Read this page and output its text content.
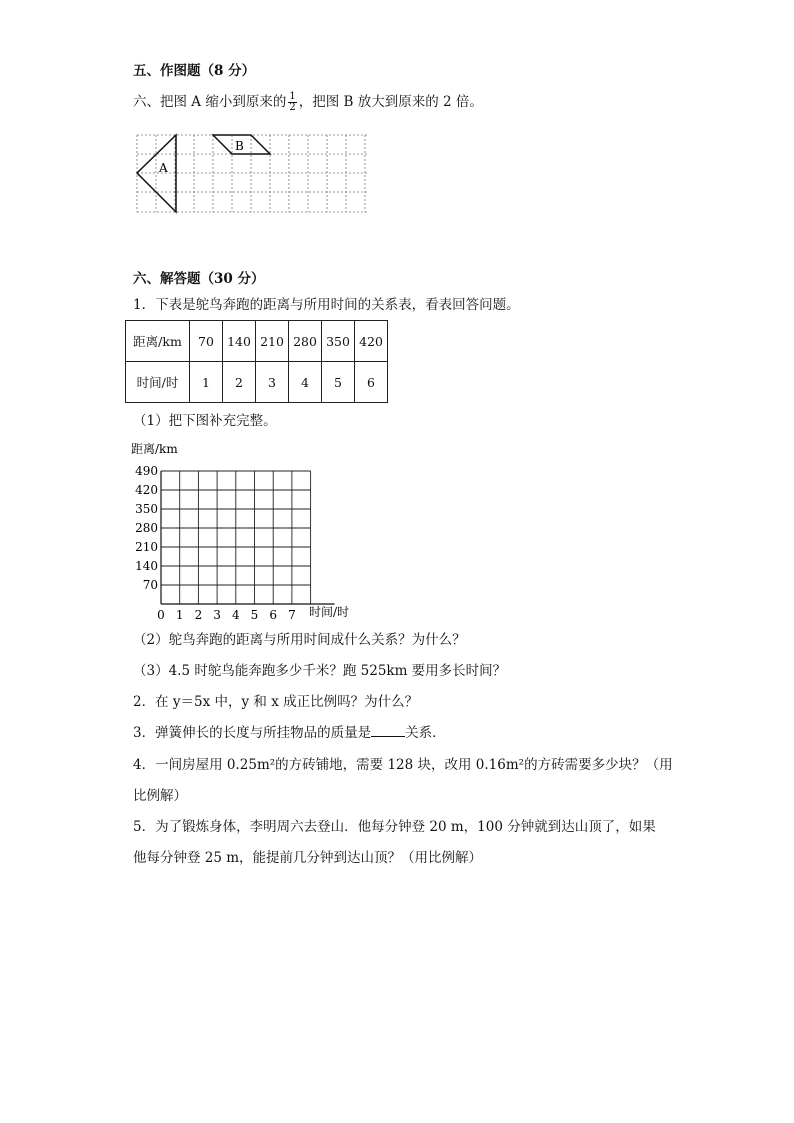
五、作图题（8 分）
六、把图 A 缩小到原来的 $\frac{1}{2}$ ，把图 B 放大到原来的 2 倍。
A
B
六、解答题（30 分）
1．下表是鸵鸟奔跑的距离与所用时间的关系表，看表回答问题。
距离/km	70	140	210	280	350	420
时间/时	1	2	3	4	5	6
（1）把下图补充完整。
距离/km
时间/时
490
420
350
280
210
140
70
0 1 2 3 4 5 6 7
（2）鸵鸟奔跑的距离与所用时间成什么关系？为什么？
（3）4.5 时鸵鸟能奔跑多少千米？跑 525km 要用多长时间？
2．在 y＝5x 中，y 和 x 成正比例吗？为什么？
3．弹簧伸长的长度与所挂物品的质量是	关系．
4．一间房屋用 0.25m²的方砖铺地，需要 128 块，改用 0.16m²的方砖需要多少块？（用
比例解）
5．为了锻炼身体，李明周六去登山．他每分钟登 20 m，100 分钟就到达山顶了，如果
他每分钟登 25 m，能提前几分钟到达山顶？（用比例解）
